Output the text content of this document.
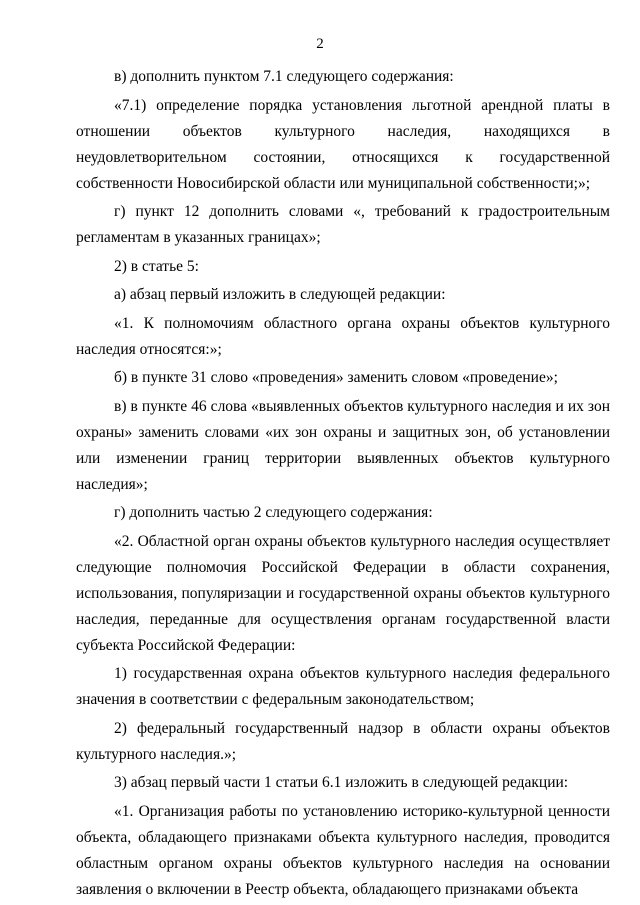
2

в) дополнить пунктом 7.1 следующего содержания:

«7.1) определение порядка установления льготной арендной платы в отношении объектов культурного наследия, находящихся в неудовлетворительном состоянии, относящихся к государственной собственности Новосибирской области или муниципальной собственности;»;

г) пункт 12 дополнить словами «, требований к градостроительным регламентам в указанных границах»;

2) в статье 5:

а) абзац первый изложить в следующей редакции:

«1. К полномочиям областного органа охраны объектов культурного наследия относятся:»;

б) в пункте 31 слово «проведения» заменить словом «проведение»;

в) в пункте 46 слова «выявленных объектов культурного наследия и их зон охраны» заменить словами «их зон охраны и защитных зон, об установлении или изменении границ территории выявленных объектов культурного наследия»;

г) дополнить частью 2 следующего содержания:

«2. Областной орган охраны объектов культурного наследия осуществляет следующие полномочия Российской Федерации в области сохранения, использования, популяризации и государственной охраны объектов культурного наследия, переданные для осуществления органам государственной власти субъекта Российской Федерации:

1) государственная охрана объектов культурного наследия федерального значения в соответствии с федеральным законодательством;

2) федеральный государственный надзор в области охраны объектов культурного наследия.»;

3) абзац первый части 1 статьи 6.1 изложить в следующей редакции:

«1. Организация работы по установлению историко-культурной ценности объекта, обладающего признаками объекта культурного наследия, проводится областным органом охраны объектов культурного наследия на основании заявления о включении в Реестр объекта, обладающего признаками объекта
